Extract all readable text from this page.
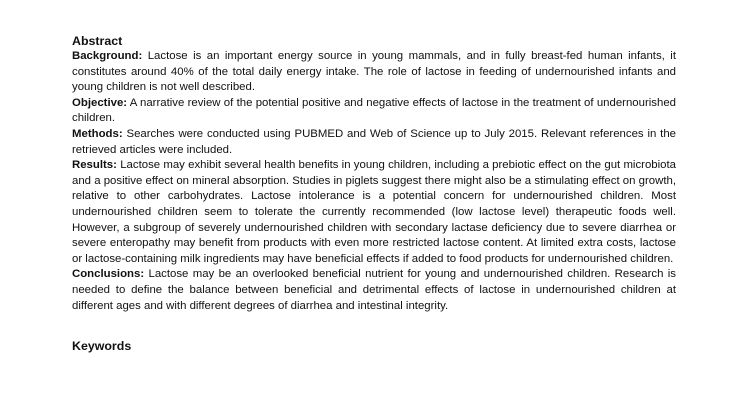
Abstract

Background: Lactose is an important energy source in young mammals, and in fully breast-fed human infants, it constitutes around 40% of the total daily energy intake. The role of lactose in feeding of undernourished infants and young children is not well described.

Objective: A narrative review of the potential positive and negative effects of lactose in the treatment of undernourished children.

Methods: Searches were conducted using PUBMED and Web of Science up to July 2015. Relevant references in the retrieved articles were included.

Results: Lactose may exhibit several health benefits in young children, including a prebiotic effect on the gut microbiota and a positive effect on mineral absorption. Studies in piglets suggest there might also be a stimulating effect on growth, relative to other carbohydrates. Lactose intolerance is a potential concern for undernourished children. Most undernourished children seem to tolerate the currently recommended (low lactose level) therapeutic foods well. However, a subgroup of severely undernourished children with secondary lactase deficiency due to severe diarrhea or severe enteropathy may benefit from products with even more restricted lactose content. At limited extra costs, lactose or lactose-containing milk ingredients may have beneficial effects if added to food products for undernourished children.

Conclusions: Lactose may be an overlooked beneficial nutrient for young and undernourished children. Research is needed to define the balance between beneficial and detrimental effects of lactose in undernourished children at different ages and with different degrees of diarrhea and intestinal integrity.

Keywords
